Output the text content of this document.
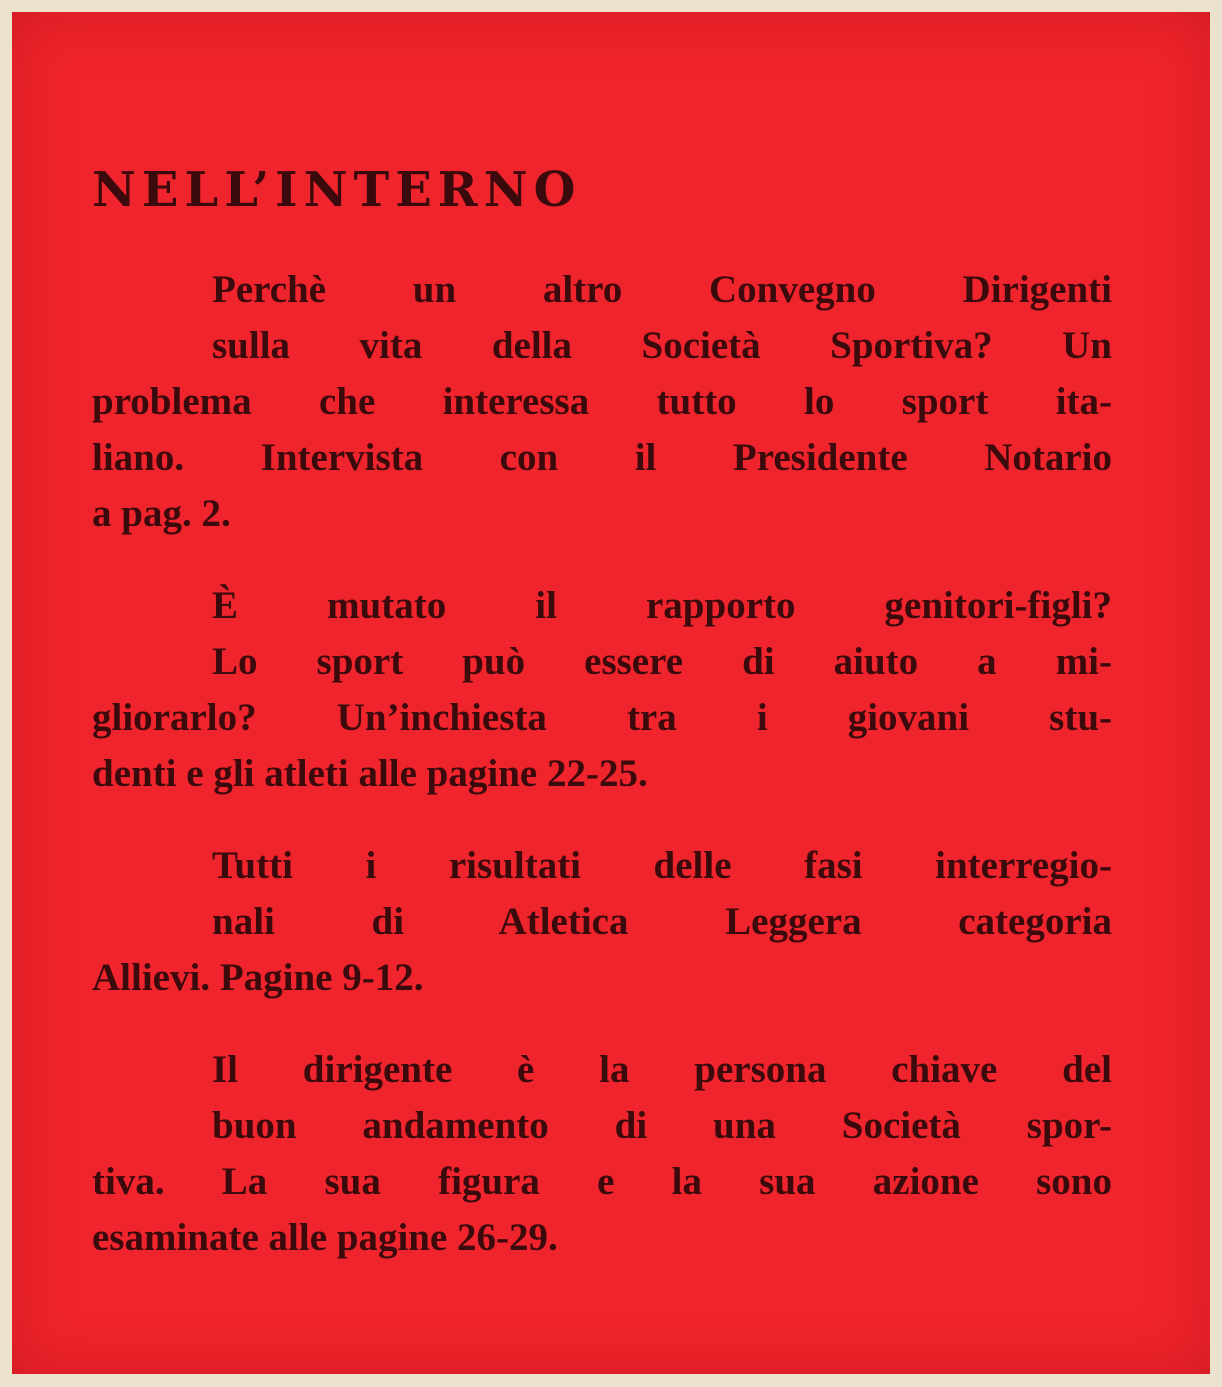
NELL’INTERNO

Perchè un altro Convegno Dirigenti
sulla vita della Società Sportiva? Un
problema che interessa tutto lo sport ita-
liano. Intervista con il Presidente Notario
a pag. 2.

È mutato il rapporto genitori-figli?
Lo sport può essere di aiuto a mi-
gliorarlo? Un’inchiesta tra i giovani stu-
denti e gli atleti alle pagine 22-25.

Tutti i risultati delle fasi interregio-
nali di Atletica Leggera categoria
Allievi. Pagine 9-12.

Il dirigente è la persona chiave del
buon andamento di una Società spor-
tiva. La sua figura e la sua azione sono
esaminate alle pagine 26-29.
